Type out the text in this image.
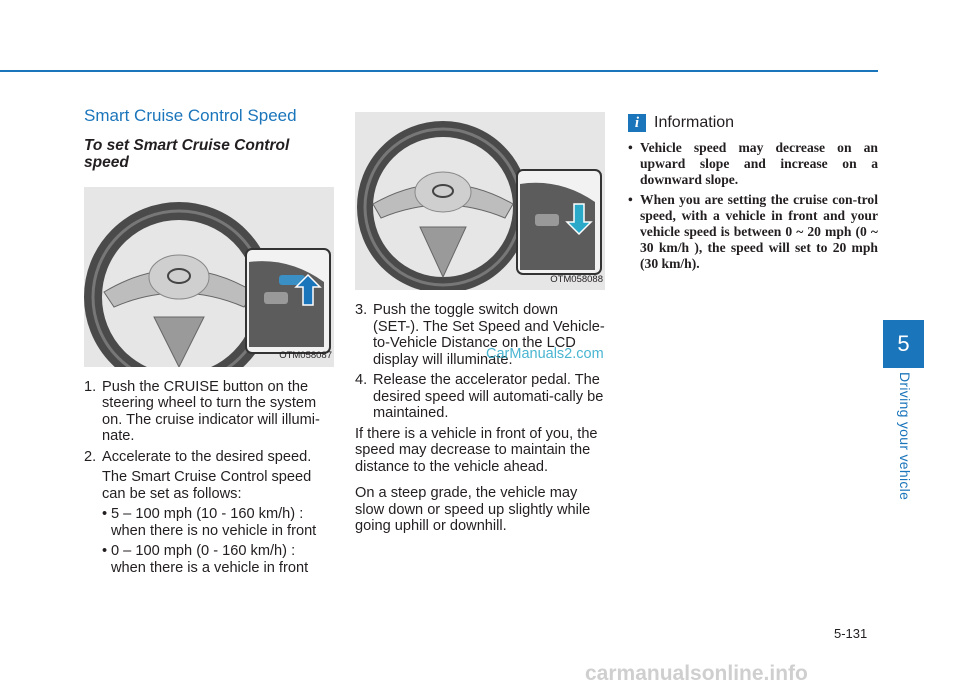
5
Driving your vehicle
Smart Cruise Control Speed
To set Smart Cruise Control speed
OTM058087
1. Push the CRUISE button on the steering wheel to turn the system on. The cruise indicator will illumi-nate.
2. Accelerate to the desired speed.
The Smart Cruise Control speed can be set as follows:
• 5 – 100 mph (10 - 160 km/h) : when there is no vehicle in front
• 0 – 100 mph (0 - 160 km/h) : when there is a vehicle in front
OTM058088
3. Push the toggle switch down (SET-). The Set Speed and Vehicle-to-Vehicle Distance on the LCD display will illuminate.
4. Release the accelerator pedal. The desired speed will automati-cally be maintained.

If there is a vehicle in front of you, the speed may decrease to maintain the distance to the vehicle ahead.

On a steep grade, the vehicle may slow down or speed up slightly while going uphill or downhill.

i Information
• Vehicle speed may decrease on an upward slope and increase on a downward slope.
• When you are setting the cruise con-trol speed, with a vehicle in front and your vehicle speed is between 0 ~ 20 mph (0 ~ 30 km/h ), the speed will set to 20 mph (30 km/h).
5-131
CarManuals2.com
carmanualsonline.info
